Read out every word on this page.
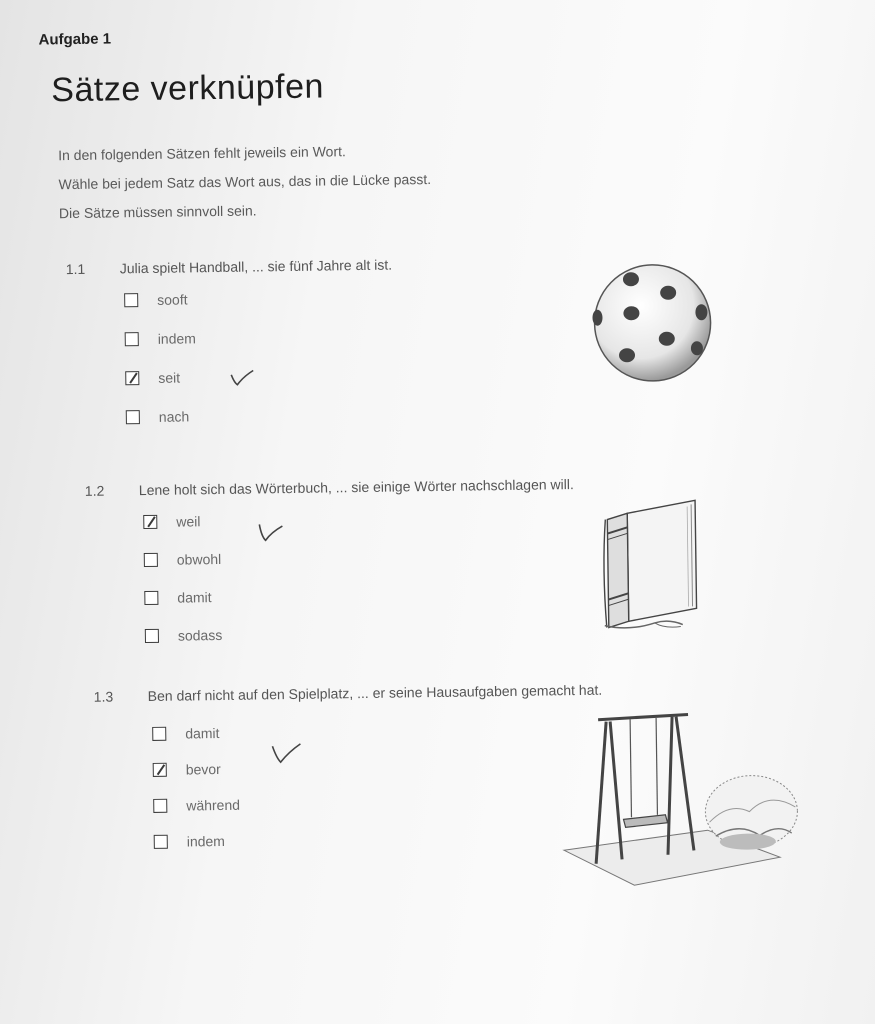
Aufgabe 1
Sätze verknüpfen
In den folgenden Sätzen fehlt jeweils ein Wort.
Wähle bei jedem Satz das Wort aus, das in die Lücke passt.
Die Sätze müssen sinnvoll sein.
1.1 Julia spielt Handball, ... sie fünf Jahre alt ist.
sooft
indem
seit
nach
1.2 Lene holt sich das Wörterbuch, ... sie einige Wörter nachschlagen will.
weil
obwohl
damit
sodass
1.3 Ben darf nicht auf den Spielplatz, ... er seine Hausaufgaben gemacht hat.
damit
bevor
während
indem
